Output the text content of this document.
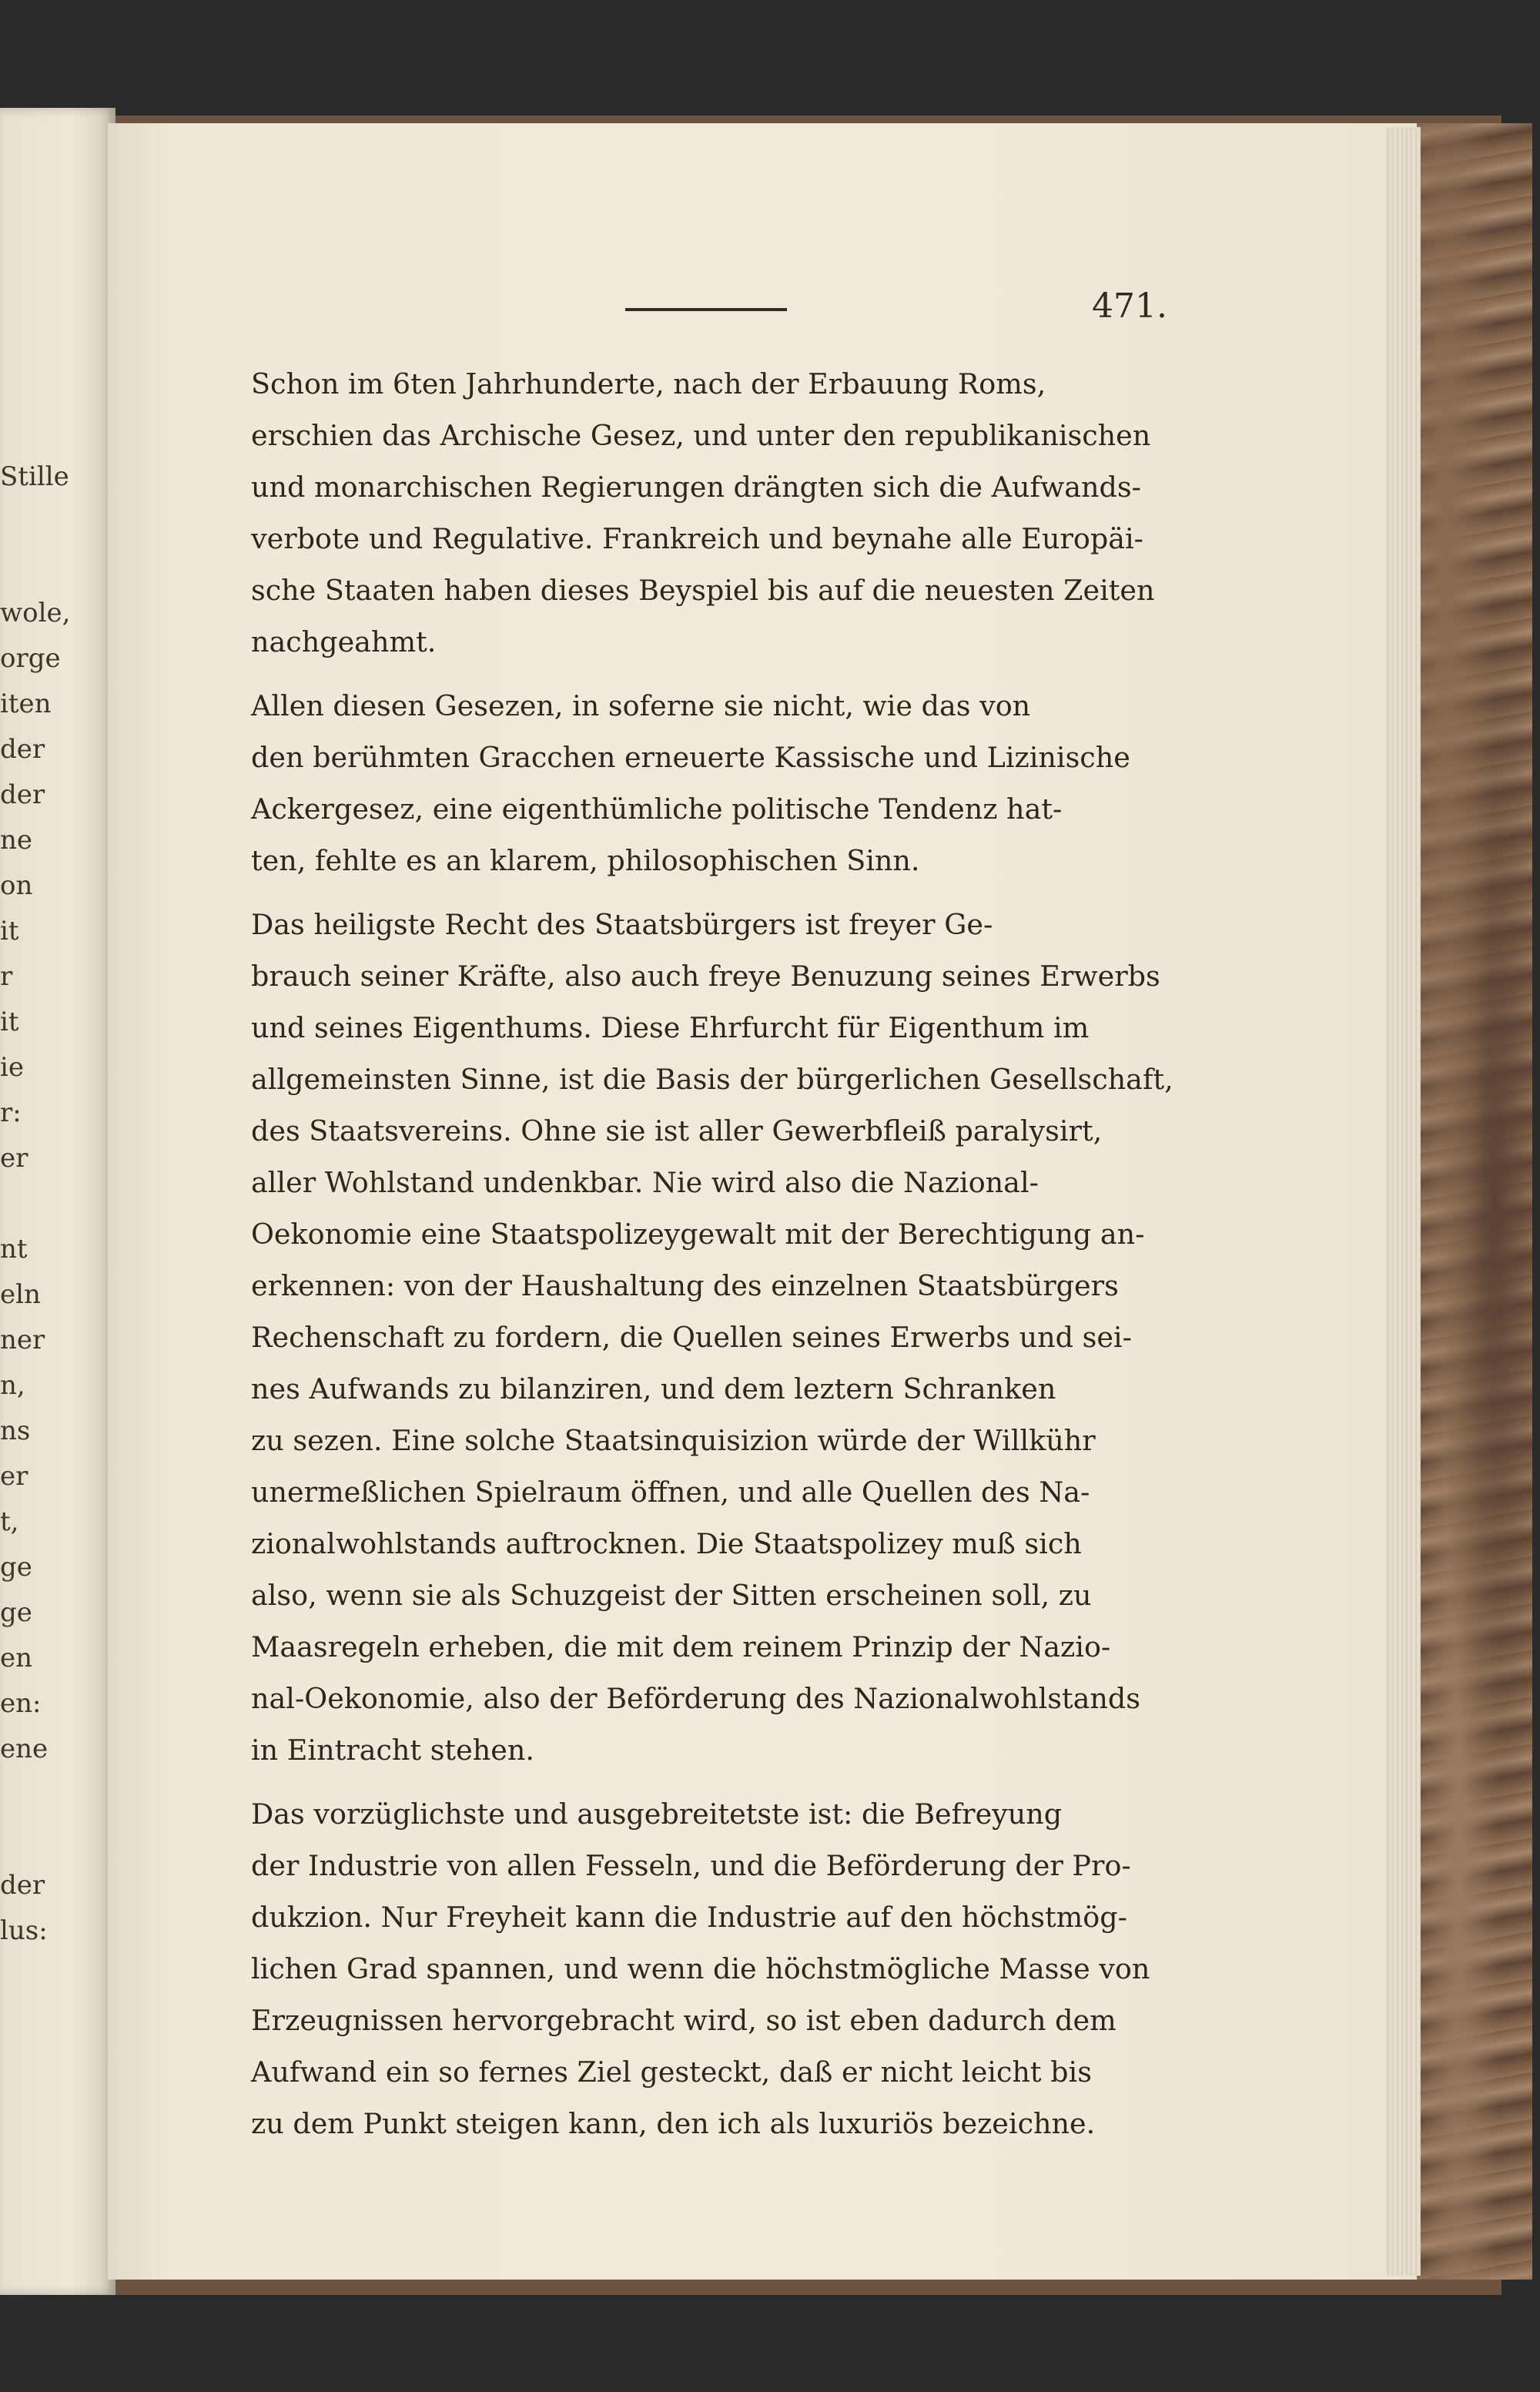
Stille
wole,
orge
iten
der
der
ne
on
it
r
it
ie
r:
er
nt
eln
ner
n,
ns
er
t,
ge
ge
en
en:
ene
der
lus:
471.
Schon im 6ten Jahrhunderte, nach der Erbauung Roms,
erschien das Archische Gesez, und unter den republikanischen
und monarchischen Regierungen drängten sich die Aufwands-
verbote und Regulative. Frankreich und beynahe alle Europäi-
sche Staaten haben dieses Beyspiel bis auf die neuesten Zeiten
nachgeahmt.
Allen diesen Gesezen, in soferne sie nicht, wie das von
den berühmten Gracchen erneuerte Kassische und Lizinische
Ackergesez, eine eigenthümliche politische Tendenz hat-
ten, fehlte es an klarem, philosophischen Sinn.
Das heiligste Recht des Staatsbürgers ist freyer Ge-
brauch seiner Kräfte, also auch freye Benuzung seines Erwerbs
und seines Eigenthums. Diese Ehrfurcht für Eigenthum im
allgemeinsten Sinne, ist die Basis der bürgerlichen Gesellschaft,
des Staatsvereins. Ohne sie ist aller Gewerbfleiß paralysirt,
aller Wohlstand undenkbar. Nie wird also die Nazional-
Oekonomie eine Staatspolizeygewalt mit der Berechtigung an-
erkennen: von der Haushaltung des einzelnen Staatsbürgers
Rechenschaft zu fordern, die Quellen seines Erwerbs und sei-
nes Aufwands zu bilanziren, und dem leztern Schranken
zu sezen. Eine solche Staatsinquisizion würde der Willkühr
unermeßlichen Spielraum öffnen, und alle Quellen des Na-
zionalwohlstands auftrocknen. Die Staatspolizey muß sich
also, wenn sie als Schuzgeist der Sitten erscheinen soll, zu
Maasregeln erheben, die mit dem reinem Prinzip der Nazio-
nal-Oekonomie, also der Beförderung des Nazionalwohlstands
in Eintracht stehen.
Das vorzüglichste und ausgebreitetste ist: die Befreyung
der Industrie von allen Fesseln, und die Beförderung der Pro-
dukzion. Nur Freyheit kann die Industrie auf den höchstmög-
lichen Grad spannen, und wenn die höchstmögliche Masse von
Erzeugnissen hervorgebracht wird, so ist eben dadurch dem
Aufwand ein so fernes Ziel gesteckt, daß er nicht leicht bis
zu dem Punkt steigen kann, den ich als luxuriös bezeichne.
